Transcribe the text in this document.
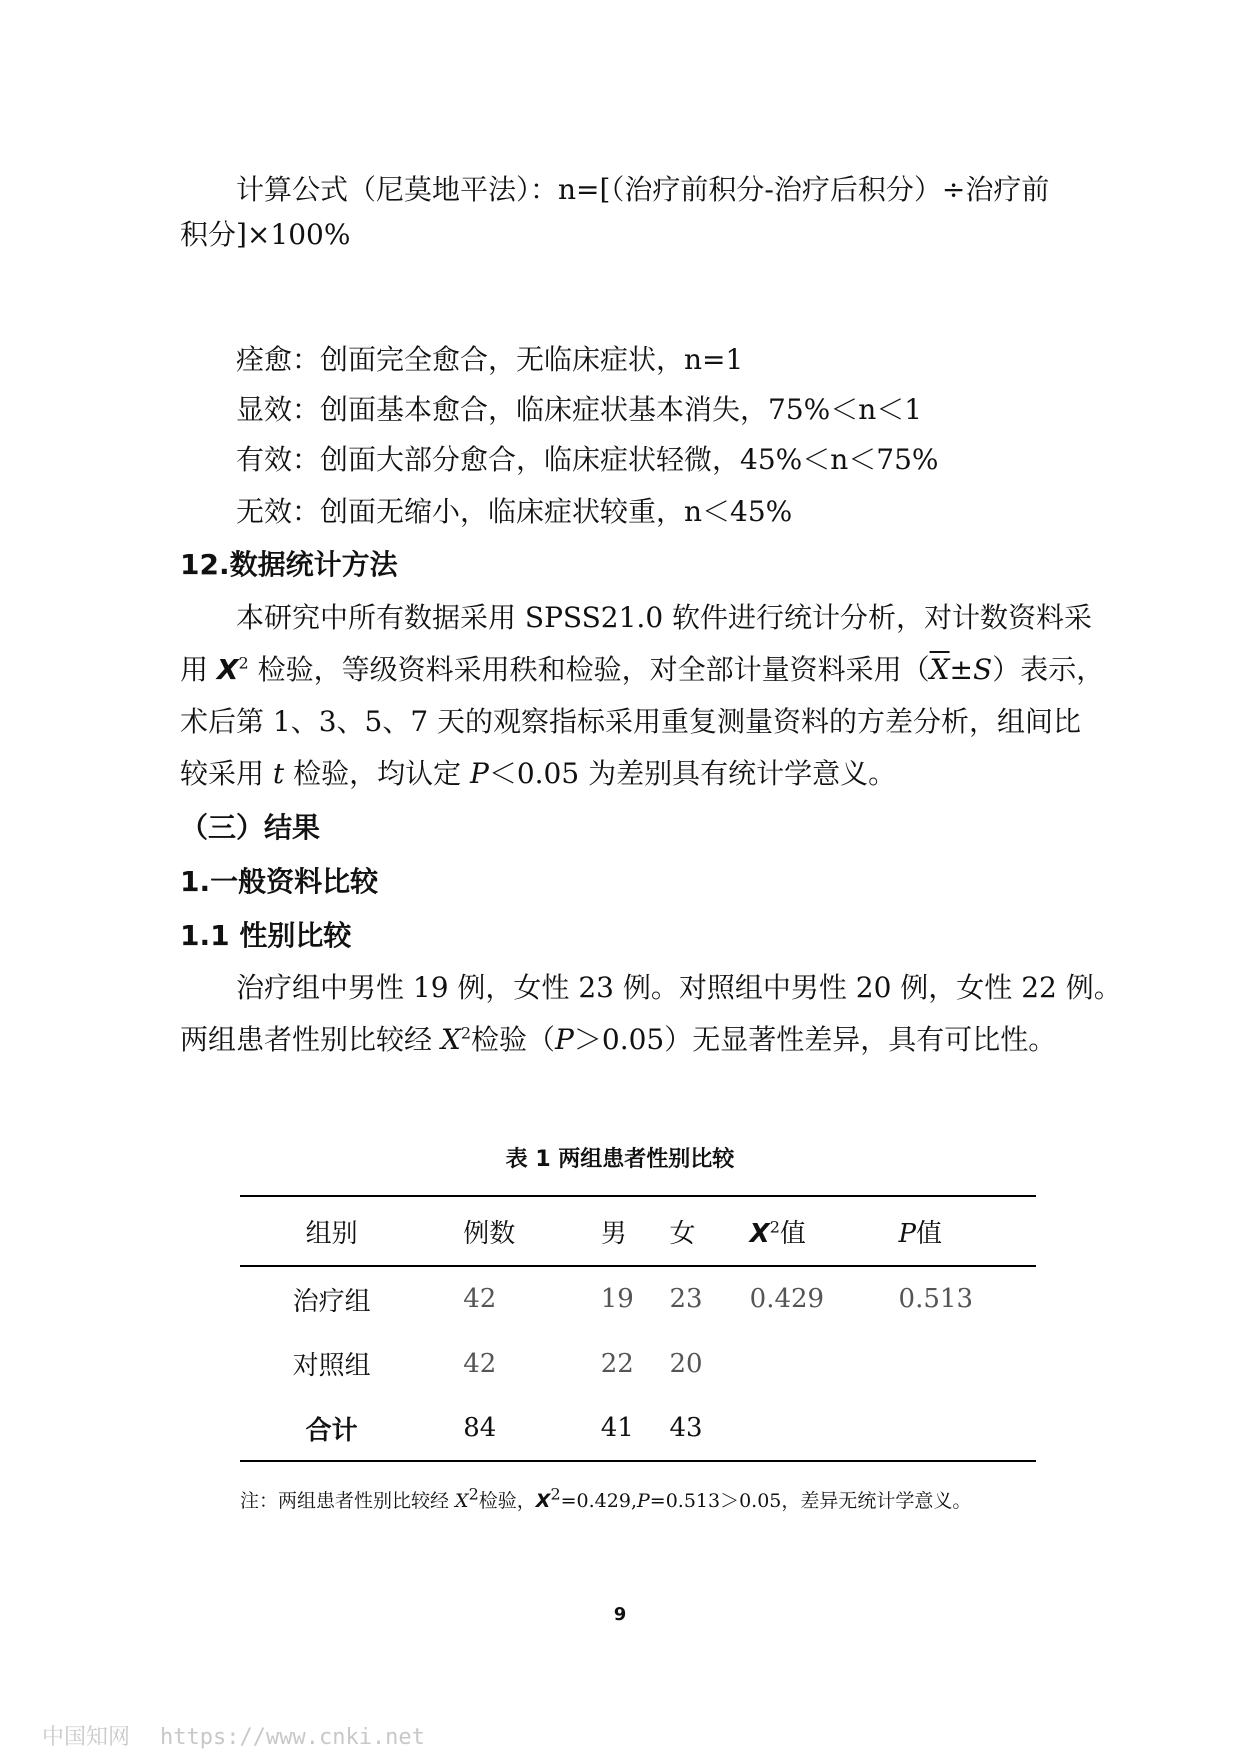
计算公式（尼莫地平法）：n=[（治疗前积分-治疗后积分）÷治疗前
积分]×100%
痊愈：创面完全愈合，无临床症状，n=1
显效：创面基本愈合，临床症状基本消失，75%＜n＜1
有效：创面大部分愈合，临床症状轻微，45%＜n＜75%
无效：创面无缩小，临床症状较重，n＜45%
12.数据统计方法
本研究中所有数据采用 SPSS21.0 软件进行统计分析，对计数资料采
用 $X^2$ 检验，等级资料采用秩和检验，对全部计量资料采用$(\overline{X}\pm S)$表示，
术后第 1、3、5、7 天的观察指标采用重复测量资料的方差分析，组间比
较采用 t 检验，均认定 P＜0.05 为差别具有统计学意义。
（三）结果
1.一般资料比较
1.1 性别比较
治疗组中男性 19 例，女性 23 例。对照组中男性 20 例，女性 22 例。
两组患者性别比较经 $X^2$检验（P＞0.05）无显著性差异，具有可比性。
表 1 两组患者性别比较
组别	例数	男	女	$X^2$值	P值
治疗组	42	19	23	0.429	0.513
对照组	42	22	20		
合计	84	41	43		
注：两组患者性别比较经 $X^2$检验，$X^2=0.429,P=0.513>0.05$，差异无统计学意义。
9
中国知网 https://www.cnki.net
